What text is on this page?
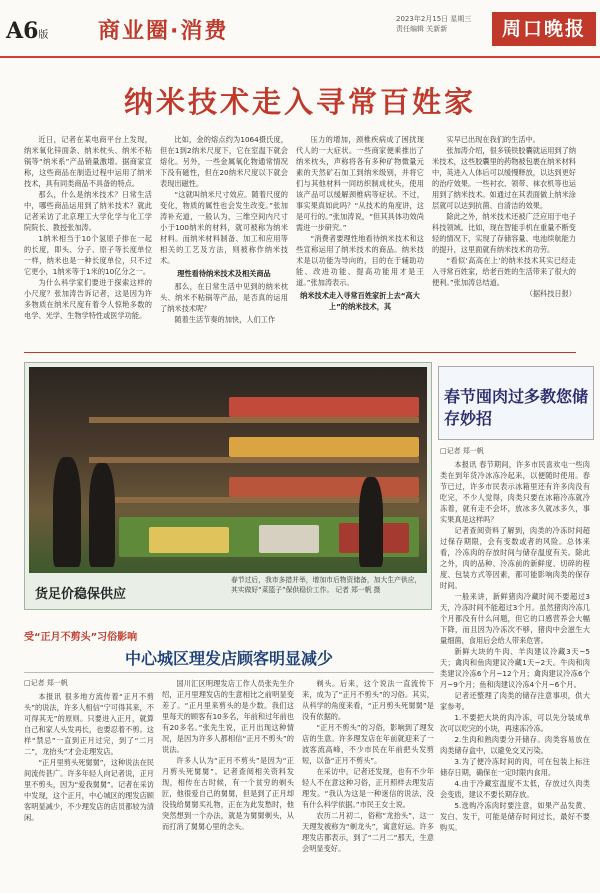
A6版 商业圈·消费	2023年2月15日 星期三
责任编辑 关新新	周口晚报
纳米技术走入寻常百姓家

近日，记者在某电商平台上发现，纳米氧化锌面条、纳米枕头、纳米不粘锅等“纳米系”产品销量激增。据商家宣称，这些商品在制造过程中运用了纳米技术，具有同类商品不具备的特点。

那么，什么是纳米技术？日常生活中，哪些商品运用到了纳米技术？就此记者采访了北京理工大学化学与化工学院院长、教授张加涛。

1纳米相当于10个氢原子排在一起的长度，即头、分子、原子等长度单位一样，纳米也是一种长度单位，只不过它更小，1纳米等于1米的10亿分之一。

为什么科学家们要进于探索这样的小尺度？张加涛告诉记者，这是因为许多物质在纳米尺度有着令人惊艳多数的电学、光学、生物学特性或医学功能。

比如，金的熔点约为1064摄氏度，但在1到2纳米尺度下，它在室温下就会熔化。另外，一些金属氧化物通常情况下没有磁性，但在20纳米尺度以下就会表现出磁性。

“这就叫纳米尺寸效应。随着尺度的变化，物质的属性也会发生改变。”张加涛补充道，一般认为，三维空间内尺寸小于100纳米的材料，就可被称为纳米材料。而纳米材料制备、加工和应用等相关的工艺及方法，则被称作纳米技术。

理性看待纳米技术及相关商品

那么，在日常生活中见到的纳米枕头、纳米不粘锅等产品，是否真的运用了纳米技术呢？

随着生活节奏的加快，人们工作

压力的增加，颈椎疾病成了困扰现代人的一大症状。一些商家便乘推出了纳米枕头，声称将各有多种矿物微量元素的天然矿石加工到纳米级别，并将它们与其他材料一同纺织制成枕头，使用该产品可以缓解颈椎病等症状。不过，事实果真如此吗？“从技术的角度讲，这是可行的。”张加涛说，“但其具体功效尚需进一步研究。”

“消费者要理性地看待纳米技术和这些宣称运用了纳米技术的商品。纳米技术是以功能为导向的，目的在于辅助功能、改进功能、提高功能用才是王道。”张加涛表示。

纳米技术走入寻常百姓家折上去“高大上”的纳米技术，其

实早已出现在我们的生活中。

张加涛介绍，很多镁铁胶囊就运用到了纳米技术，这些胶囊里的药物被包裹在纳米材料中，英进入人体后可以缓慢释放，以达到更好的治疗效果。一些衬衣、领带、袜衣机等也运用到了纳米技术。如通过在其表面做上纳米涂层就可以达到抗菌、自清洁的效果。

除此之外，纳米技术还被广泛应用于电子科技领域。比如，现在智能手机在重量不断变轻的情况下，实现了存储容量、电池续航能力的提升，这里面就有纳米技术的功劳。

“看似‘高高在上’的纳米技术其实已经走入寻常百姓家，给老百姓的生活带来了很大的便利。”张加涛总结道。

（据科技日报）

货足价稳保供应
春节过后，我市多措并举，增加市后物资储备，加大生产供应，其实做好“菜篮子”保供稳价工作。 记者 郑一帆 摄
春节囤肉过多教您储存妙招

□记者 郑一帆

本报讯 春节期间，许多市民喜欢屯一些肉类在到年货冷冰冻冷起来，以便随时使用。春节已过，许多市民表示冰箱里还有许多肉没有吃完，不少人觉得，肉类只要在冰箱冷冻就冷冻着，就有走不会坏，放冰多久就冰多久，事实果真是这样吗？

记者查阅资料了解到，肉类的冷冻时间超过保存期限，会有变数或者的风险。总体来看，冷冻肉的存放时间与储存温度有关。除此之外，肉的品种、冷冻前的新鲜度、切碎的程度、包装方式等因素，都可能影响肉类的保存时间。

一般来讲，新鲜猪肉冷藏时间不要超过3天，冷冻时间不能超过3个月。虽然猪肉冷冻几个月都没有什么问题，但它的口感营养会大幅下降，而且因为冷冻次不够，猪肉中会滋生大量细菌，食用后会给人带来危害。

新鲜大块的牛肉、羊肉建议冷藏3天~5天；禽肉和鱼肉建议冷藏1天~2天。牛肉和肉类建议冷冻6个月~12个月；禽肉建议冷冻6个月~9个月；鱼和肉建议冷冻4个月~6个月。

记者还整理了肉类的储存注意事项，供大家参考。

1.不要把大块的肉冷冻，可以先分装成单次可以吃完的小块，再速冻冷冻。

2.生肉和熟肉要分开储存。肉类容易放在肉类储存盒中，以避免交叉污染。

3.为了便冷冻时间的肉，可在包装上标注储存日期，确保在一定时限内食用。

4.由于冷藏室温度不太低，存放过久肉类会变质，建议不要长期存放。

5.选购冷冻肉时要注意，如果产品发黄、发白、发干，可能是储存时间过长，最好不要购买。

受“正月不剪头”习俗影响
中心城区理发店顾客明显减少

□记者 郑一帆

本报讯 很多地方流传着“正月不剪头”的说法，许多人相信“宁可得其来，不可得其无”的原则。只要进入正月，就算自己和家人头发再长，也要忍着不剪。这样“禁忌”一直到正月过完，到了“二月二”，龙抬头”才会走理发店。

“正月里剪头死舅舅”，这种说法在民间流传甚广。许多年轻人向记者说，正月里不剪头，因为“爱我舅舅”。记者在采访中发现，这个正月，中心城区的理发店顾客明显减少，不少理发店的店员都较为清闲。

国川汇区明理发店工作人员张先生介绍，正月里理发店的生意相比之前明显变差了。“正月里来剪头的是少数。我们这里每天的顾客有10多名，年前和过年前也有20多名。”张先生说，正月出现这种情况，是因为许多人都相信“正月不剪头”的说法。

许多人认为“正月不剪头”是因为“正月剪头死舅舅”。记者查阅相关资料发现，相传在古时候，有一个贫穷的剃头匠，他很爱自己的舅舅，但是到了正月却没钱给舅舅买礼物，正在为此发愁时，他突然想到一个办法，就是为舅舅剃头，从而打消了舅舅心里的念头。

剃头。后来，这个说法一直流传下来，成为了“正月不剪头”的习俗。其实，从科学的角度来看，“正月剪头死舅舅”是没有依据的。

“正月不剪头”的习俗，影响到了理发店的生意。许多理发店在年前就迎来了一波客流高峰，不少市民在年前把头发剪短，以备“正月不剪头”。

在采访中，记者还发现，也有不少年轻人不在意这种习俗，正月照样去理发店理发。“我认为这是一种迷信的说法，没有什么科学依据。”市民王女士说。

农历二月初二，俗称“龙抬头”，这一天理发被称为“剃龙头”，寓意好运。许多理发店都表示，到了“二月二”那天，生意会明显变好。
